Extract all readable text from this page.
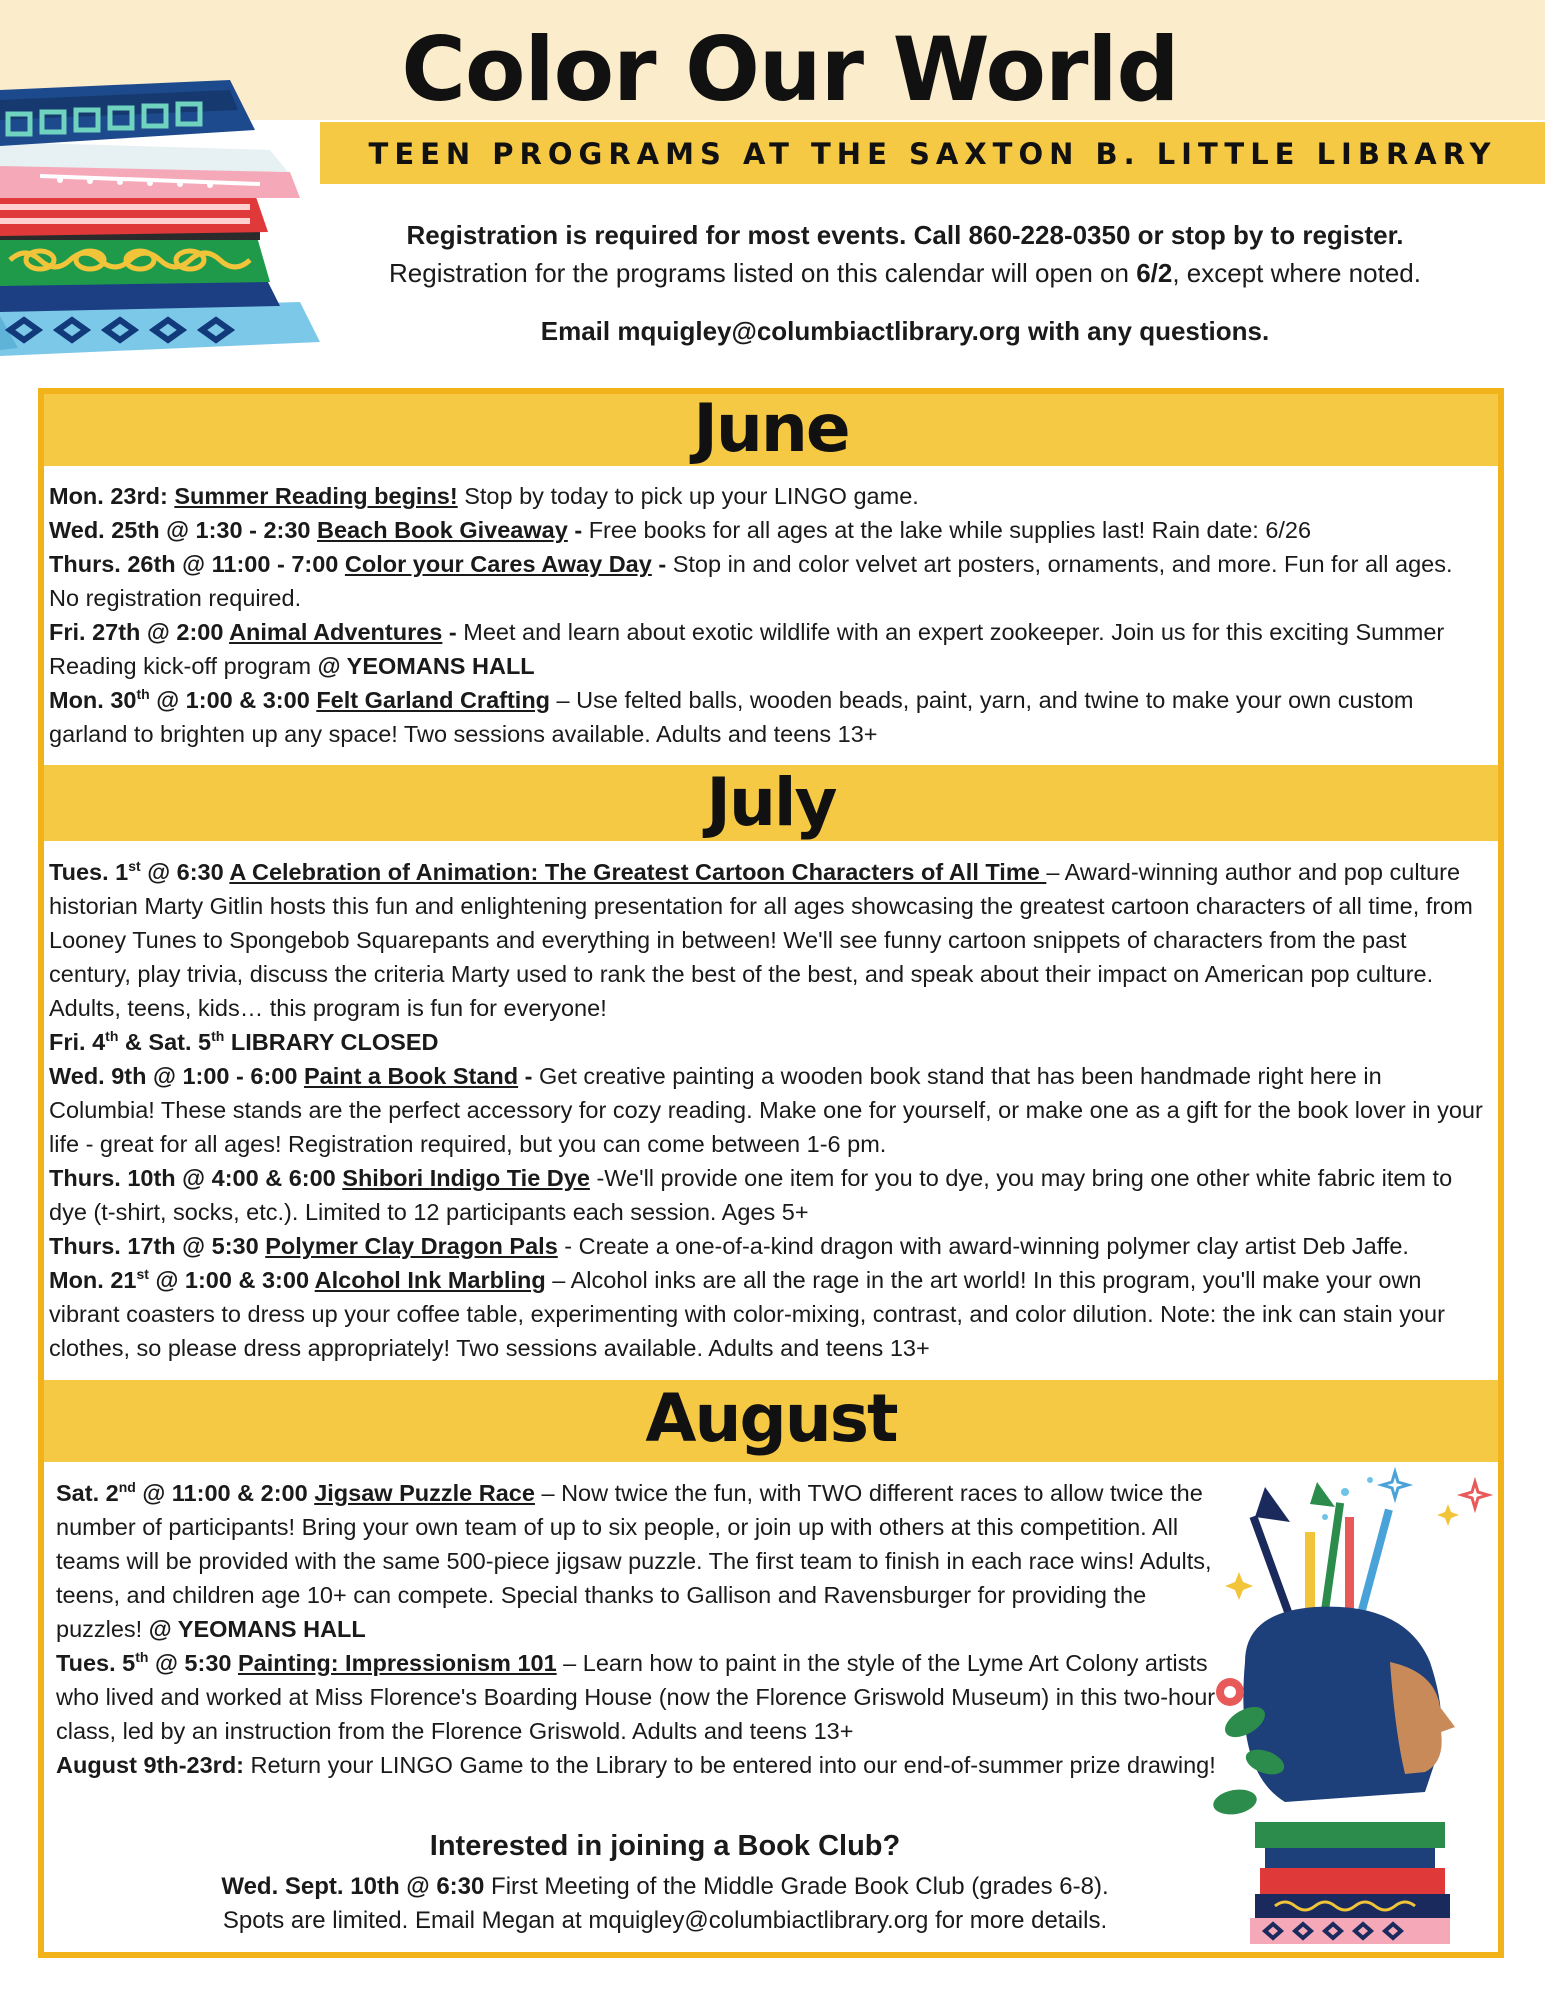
Color Our World
TEEN PROGRAMS AT THE SAXTON B. LITTLE LIBRARY
Registration is required for most events. Call 860-228-0350 or stop by to register.
Registration for the programs listed on this calendar will open on 6/2, except where noted.
Email mquigley@columbiactlibrary.org with any questions.
June

Mon. 23rd: Summer Reading begins! Stop by today to pick up your LINGO game.

Wed. 25th @ 1:30 - 2:30 Beach Book Giveaway - Free books for all ages at the lake while supplies last! Rain date: 6/26

Thurs. 26th @ 11:00 - 7:00 Color your Cares Away Day - Stop in and color velvet art posters, ornaments, and more. Fun for all ages. No registration required.

Fri. 27th @ 2:00 Animal Adventures - Meet and learn about exotic wildlife with an expert zookeeper. Join us for this exciting Summer Reading kick-off program @ YEOMANS HALL

Mon. 30th @ 1:00 & 3:00 Felt Garland Crafting – Use felted balls, wooden beads, paint, yarn, and twine to make your own custom garland to brighten up any space! Two sessions available. Adults and teens 13+

July

Tues. 1st @ 6:30 A Celebration of Animation: The Greatest Cartoon Characters of All Time – Award-winning author and pop culture historian Marty Gitlin hosts this fun and enlightening presentation for all ages showcasing the greatest cartoon characters of all time, from Looney Tunes to Spongebob Squarepants and everything in between! We'll see funny cartoon snippets of characters from the past century, play trivia, discuss the criteria Marty used to rank the best of the best, and speak about their impact on American pop culture. Adults, teens, kids… this program is fun for everyone!

Fri. 4th & Sat. 5th LIBRARY CLOSED

Wed. 9th @ 1:00 - 6:00 Paint a Book Stand - Get creative painting a wooden book stand that has been handmade right here in Columbia! These stands are the perfect accessory for cozy reading. Make one for yourself, or make one as a gift for the book lover in your life - great for all ages! Registration required, but you can come between 1-6 pm.

Thurs. 10th @ 4:00 & 6:00 Shibori Indigo Tie Dye -We'll provide one item for you to dye, you may bring one other white fabric item to dye (t-shirt, socks, etc.). Limited to 12 participants each session. Ages 5+

Thurs. 17th @ 5:30 Polymer Clay Dragon Pals - Create a one-of-a-kind dragon with award-winning polymer clay artist Deb Jaffe.

Mon. 21st @ 1:00 & 3:00 Alcohol Ink Marbling – Alcohol inks are all the rage in the art world! In this program, you'll make your own vibrant coasters to dress up your coffee table, experimenting with color-mixing, contrast, and color dilution. Note: the ink can stain your clothes, so please dress appropriately! Two sessions available. Adults and teens 13+

August

Sat. 2nd @ 11:00 & 2:00 Jigsaw Puzzle Race – Now twice the fun, with TWO different races to allow twice the number of participants! Bring your own team of up to six people, or join up with others at this competition. All teams will be provided with the same 500-piece jigsaw puzzle. The first team to finish in each race wins! Adults, teens, and children age 10+ can compete. Special thanks to Gallison and Ravensburger for providing the puzzles! @ YEOMANS HALL

Tues. 5th @ 5:30 Painting: Impressionism 101 – Learn how to paint in the style of the Lyme Art Colony artists who lived and worked at Miss Florence's Boarding House (now the Florence Griswold Museum) in this two-hour class, led by an instruction from the Florence Griswold. Adults and teens 13+

August 9th-23rd: Return your LINGO Game to the Library to be entered into our end-of-summer prize drawing!

Interested in joining a Book Club?
Wed. Sept. 10th @ 6:30 First Meeting of the Middle Grade Book Club (grades 6-8).
Spots are limited. Email Megan at mquigley@columbiactlibrary.org for more details.
